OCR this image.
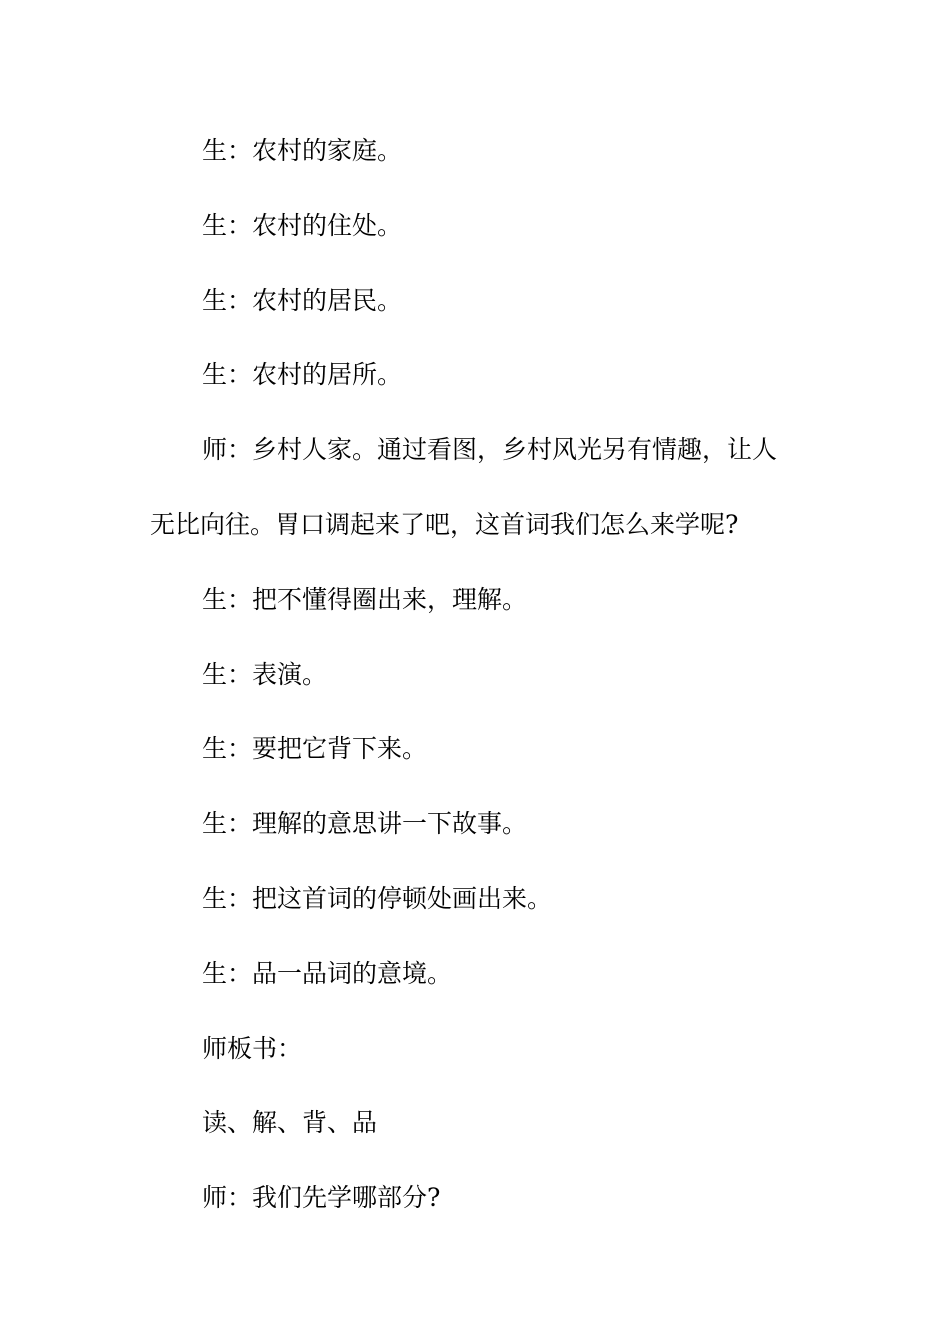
生：农村的家庭。

生：农村的住处。

生：农村的居民。

生：农村的居所。

师：乡村人家。通过看图，乡村风光另有情趣，让人无比向往。胃口调起来了吧，这首词我们怎么来学呢?

生：把不懂得圈出来，理解。

生：表演。

生：要把它背下来。

生：理解的意思讲一下故事。

生：把这首词的停顿处画出来。

生：品一品词的意境。

师板书：

读、解、背、品

师：我们先学哪部分?
